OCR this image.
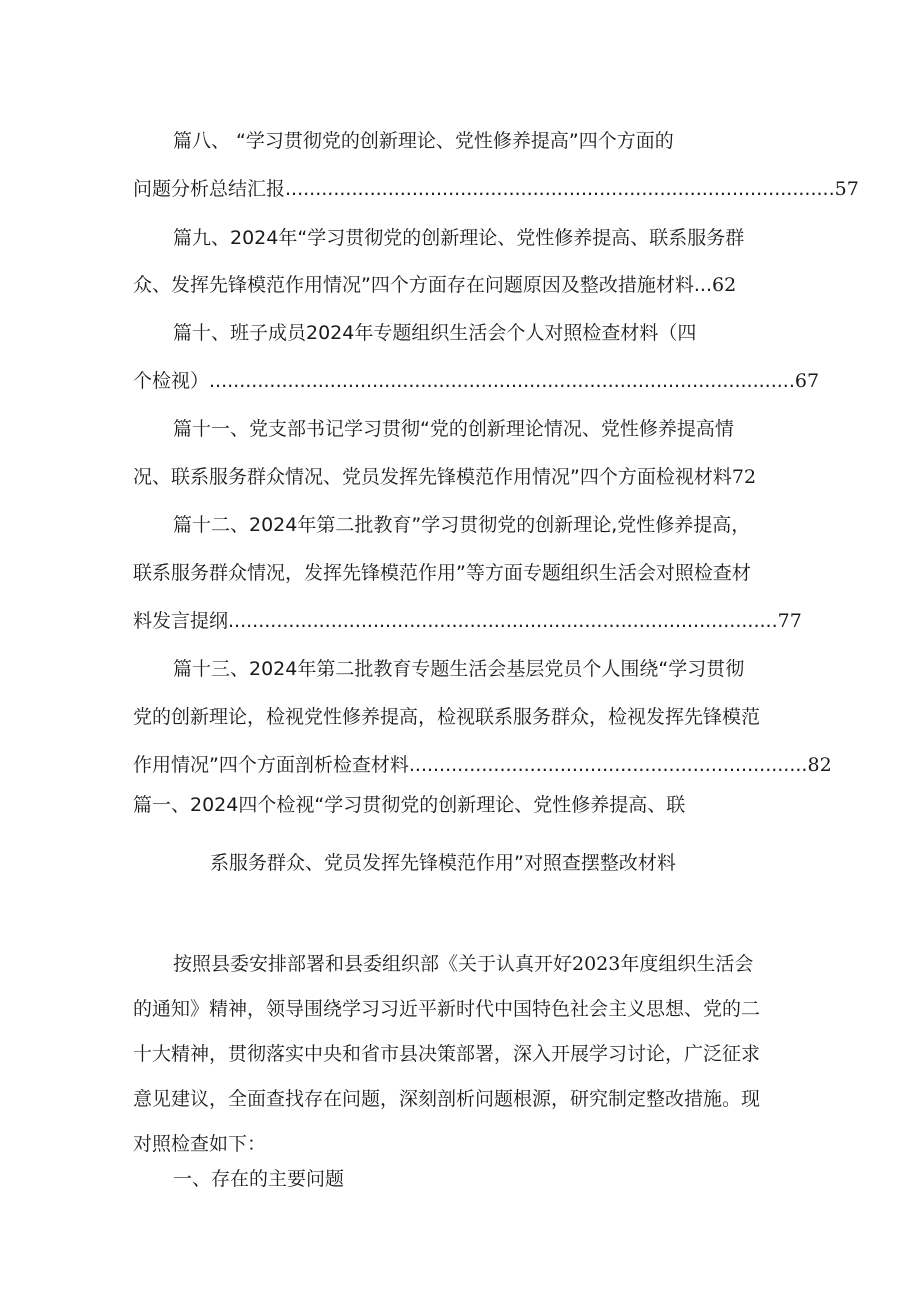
篇八、 “学习贯彻党的创新理论、党性修养提高”四个方面的
问题分析总结汇报...........................................................................................57
篇九、2024年“学习贯彻党的创新理论、党性修养提高、联系服务群
众、发挥先锋模范作用情况”四个方面存在问题原因及整改措施材料...62
篇十、班子成员2024年专题组织生活会个人对照检查材料（四
个检视）.................................................................................................67
篇十一、党支部书记学习贯彻“党的创新理论情况、党性修养提高情
况、联系服务群众情况、党员发挥先锋模范作用情况”四个方面检视材料72
篇十二、2024年第二批教育”学习贯彻党的创新理论,党性修养提高，
联系服务群众情况，发挥先锋模范作用”等方面专题组织生活会对照检查材
料发言提纲...........................................................................................77
篇十三、2024年第二批教育专题生活会基层党员个人围绕“学习贯彻
党的创新理论，检视党性修养提高，检视联系服务群众，检视发挥先锋模范
作用情况”四个方面剖析检查材料..................................................................82
篇一、2024四个检视“学习贯彻党的创新理论、党性修养提高、联
系服务群众、党员发挥先锋模范作用”对照查摆整改材料
按照县委安排部署和县委组织部《关于认真开好2023年度组织生活会
的通知》精神，领导围绕学习习近平新时代中国特色社会主义思想、党的二
十大精神，贯彻落实中央和省市县决策部署，深入开展学习讨论，广泛征求
意见建议，全面查找存在问题，深刻剖析问题根源，研究制定整改措施。现
对照检查如下：
一、存在的主要问题
